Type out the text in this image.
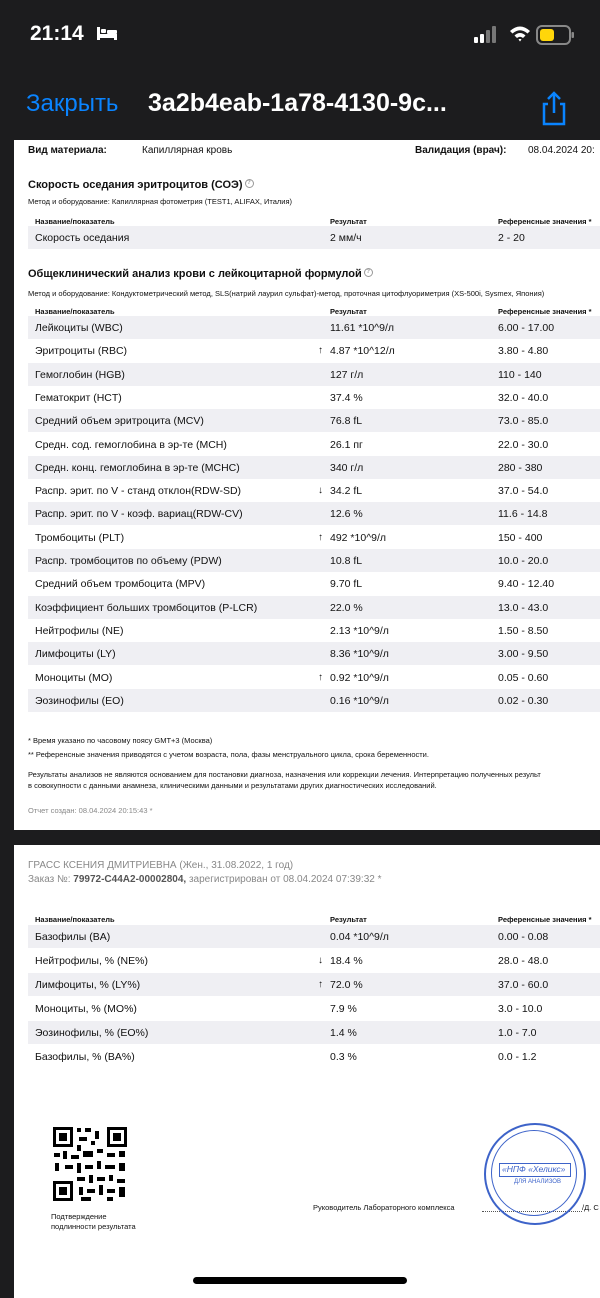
21:14
Закрыть 3a2b4eab-1a78-4130-9c...
Вид материала:	Капиллярная кровь	Валидация (врач): 08.04.2024 20:
Скорость оседания эритроцитов (СОЭ) ?
Метод и оборудование: Капиллярная фотометрия (TEST1, ALIFAX, Италия)
Название/показатель	Результат	Референсные значения *
Скорость оседания	2 мм/ч	2 - 20
Общеклинический анализ крови с лейкоцитарной формулой ?
Метод и оборудование: Кондуктометрический метод, SLS(натрий лаурил сульфат)-метод, проточная цитофлуориметрия (XS-500i, Sysmex, Япония)
Название/показатель	Результат	Референсные значения *
Лейкоциты (WBC)	11.61 *10^9/л	6.00 - 17.00
Эритроциты (RBC)	↑ 4.87 *10^12/л	3.80 - 4.80
Гемоглобин (HGB)	127 г/л	110 - 140
Гематокрит (HCT)	37.4 %	32.0 - 40.0
Средний объем эритроцита (MCV)	76.8 fL	73.0 - 85.0
Средн. сод. гемоглобина в эр-те (MCH)	26.1 пг	22.0 - 30.0
Средн. конц. гемоглобина в эр-те (MCHC)	340 г/л	280 - 380
Распр. эрит. по V - станд отклон(RDW-SD)	↓ 34.2 fL	37.0 - 54.0
Распр. эрит. по V - коэф. вариац(RDW-CV)	12.6 %	11.6 - 14.8
Тромбоциты (PLT)	↑ 492 *10^9/л	150 - 400
Распр. тромбоцитов по объему (PDW)	10.8 fL	10.0 - 20.0
Средний объем тромбоцита (MPV)	9.70 fL	9.40 - 12.40
Коэффициент больших тромбоцитов (P-LCR)	22.0 %	13.0 - 43.0
Нейтрофилы (NE)	2.13 *10^9/л	1.50 - 8.50
Лимфоциты (LY)	8.36 *10^9/л	3.00 - 9.50
Моноциты (MO)	↑ 0.92 *10^9/л	0.05 - 0.60
Эозинофилы (EO)	0.16 *10^9/л	0.02 - 0.30
* Время указано по часовому поясу GMT+3 (Москва)
** Референсные значения приводятся с учетом возраста, пола, фазы менструального цикла, срока беременности.
Результаты анализов не являются основанием для постановки диагноза, назначения или коррекции лечения. Интерпретацию полученных результ
в совокупности с данными анамнеза, клиническими данными и результатами других диагностических исследований.
Отчет создан: 08.04.2024 20:15:43 *
ГРАСС КСЕНИЯ ДМИТРИЕВНА (Жен., 31.08.2022, 1 год)
Заказ №: 79972-C44A2-00002804, зарегистрирован от 08.04.2024 07:39:32 *
Название/показатель	Результат	Референсные значения *
Базофилы (BA)	0.04 *10^9/л	0.00 - 0.08
Нейтрофилы, % (NE%)	↓ 18.4 %	28.0 - 48.0
Лимфоциты, % (LY%)	↑ 72.0 %	37.0 - 60.0
Моноциты, % (MO%)	7.9 %	3.0 - 10.0
Эозинофилы, % (EO%)	1.4 %	1.0 - 7.0
Базофилы, % (BA%)	0.3 %	0.0 - 1.2
Подтверждение
подлинности результата
Руководитель Лабораторного комплекса	/Д. С
«НПФ «Хеликс»
ДЛЯ АНАЛИЗОВ
